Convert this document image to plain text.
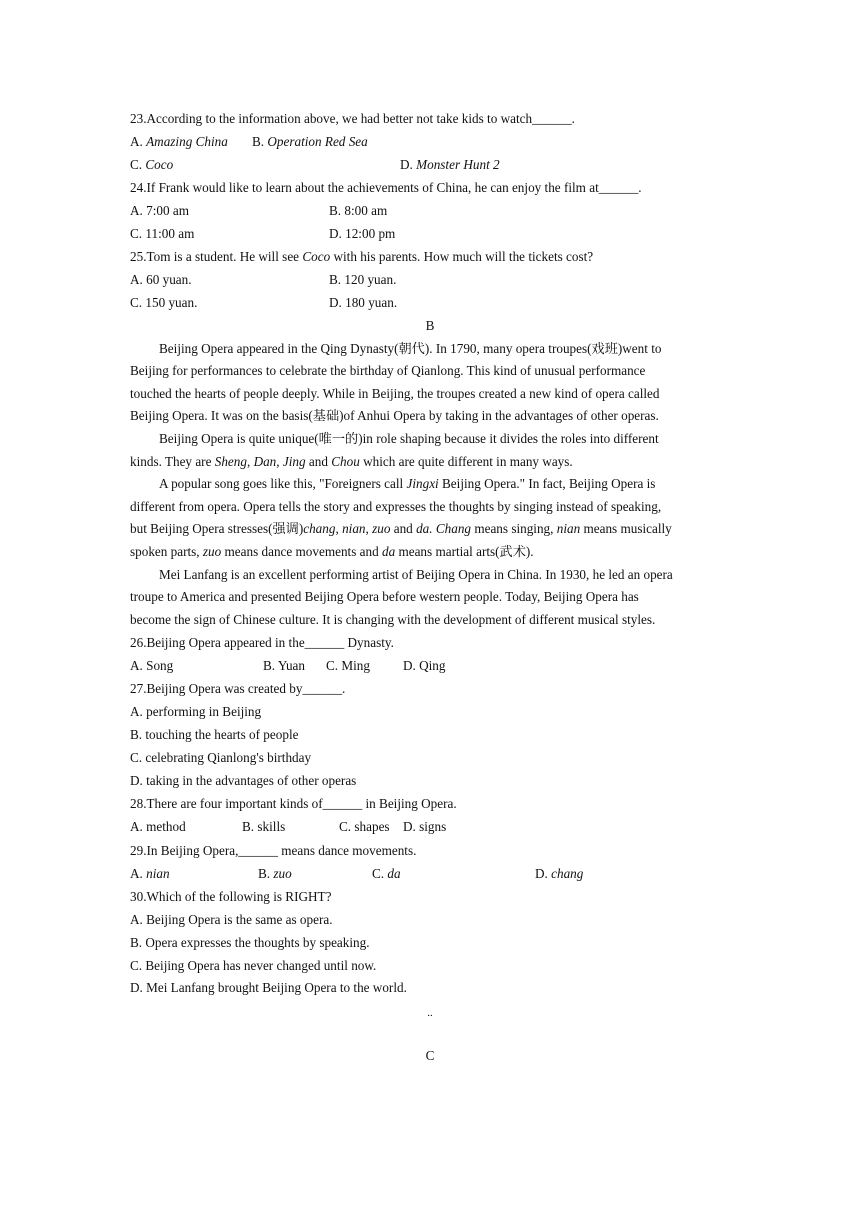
23.According to the information above, we had better not take kids to watch______.
A. Amazing China B. Operation Red Sea
C. Coco	D. Monster Hunt 2
24.If Frank would like to learn about the achievements of China, he can enjoy the film at______.
A. 7:00 am	B. 8:00 am
C. 11:00 am	D. 12:00 pm
25.Tom is a student. He will see Coco with his parents. How much will the tickets cost?
A. 60 yuan.	B. 120 yuan.
C. 150 yuan.	D. 180 yuan.
B
Beijing Opera appeared in the Qing Dynasty(朝代). In 1790, many opera troupes(戏班)went to
Beijing for performances to celebrate the birthday of Qianlong. This kind of unusual performance
touched the hearts of people deeply. While in Beijing, the troupes created a new kind of opera called
Beijing Opera. It was on the basis(基础)of Anhui Opera by taking in the advantages of other operas.
Beijing Opera is quite unique(唯一的)in role shaping because it divides the roles into different
kinds. They are Sheng, Dan, Jing and Chou which are quite different in many ways.
A popular song goes like this, "Foreigners call Jingxi Beijing Opera." In fact, Beijing Opera is
different from opera. Opera tells the story and expresses the thoughts by singing instead of speaking,
but Beijing Opera stresses(强调)chang, nian, zuo and da. Chang means singing, nian means musically
spoken parts, zuo means dance movements and da means martial arts(武术).
Mei Lanfang is an excellent performing artist of Beijing Opera in China. In 1930, he led an opera
troupe to America and presented Beijing Opera before western people. Today, Beijing Opera has
become the sign of Chinese culture. It is changing with the development of different musical styles.
26.Beijing Opera appeared in the______ Dynasty.
A. Song	B. Yuan C. Ming	D. Qing
27.Beijing Opera was created by______.
A. performing in Beijing
B. touching the hearts of people
C. celebrating Qianlong's birthday
D. taking in the advantages of other operas
28.There are four important kinds of______ in Beijing Opera.
A. method	B. skills	C. shapes D. signs
29.In Beijing Opera,______ means dance movements.
A. nian	B. zuo	C. da	D. chang
30.Which of the following is RIGHT?
A. Beijing Opera is the same as opera.
B. Opera expresses the thoughts by speaking.
C. Beijing Opera has never changed until now.
D. Mei Lanfang brought Beijing Opera to the world.
..
C
